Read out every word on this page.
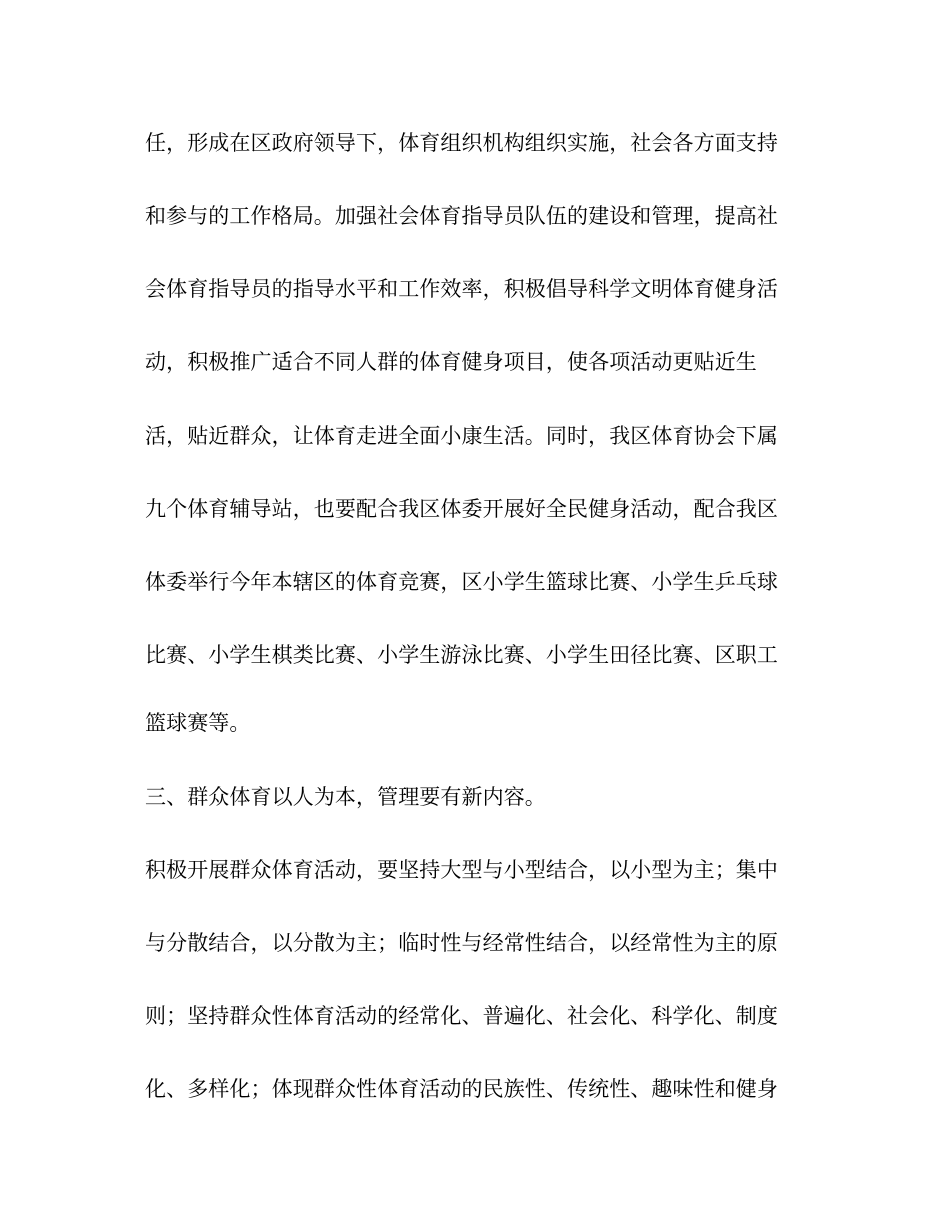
任，形成在区政府领导下，体育组织机构组织实施，社会各方面支持
和参与的工作格局。加强社会体育指导员队伍的建设和管理，提高社
会体育指导员的指导水平和工作效率，积极倡导科学文明体育健身活
动，积极推广适合不同人群的体育健身项目，使各项活动更贴近生
活，贴近群众，让体育走进全面小康生活。同时，我区体育协会下属
九个体育辅导站，也要配合我区体委开展好全民健身活动，配合我区
体委举行今年本辖区的体育竞赛，区小学生篮球比赛、小学生乒乓球
比赛、小学生棋类比赛、小学生游泳比赛、小学生田径比赛、区职工
篮球赛等。
三、群众体育以人为本，管理要有新内容。
积极开展群众体育活动，要坚持大型与小型结合，以小型为主；集中
与分散结合，以分散为主；临时性与经常性结合，以经常性为主的原
则；坚持群众性体育活动的经常化、普遍化、社会化、科学化、制度
化、多样化；体现群众性体育活动的民族性、传统性、趣味性和健身
